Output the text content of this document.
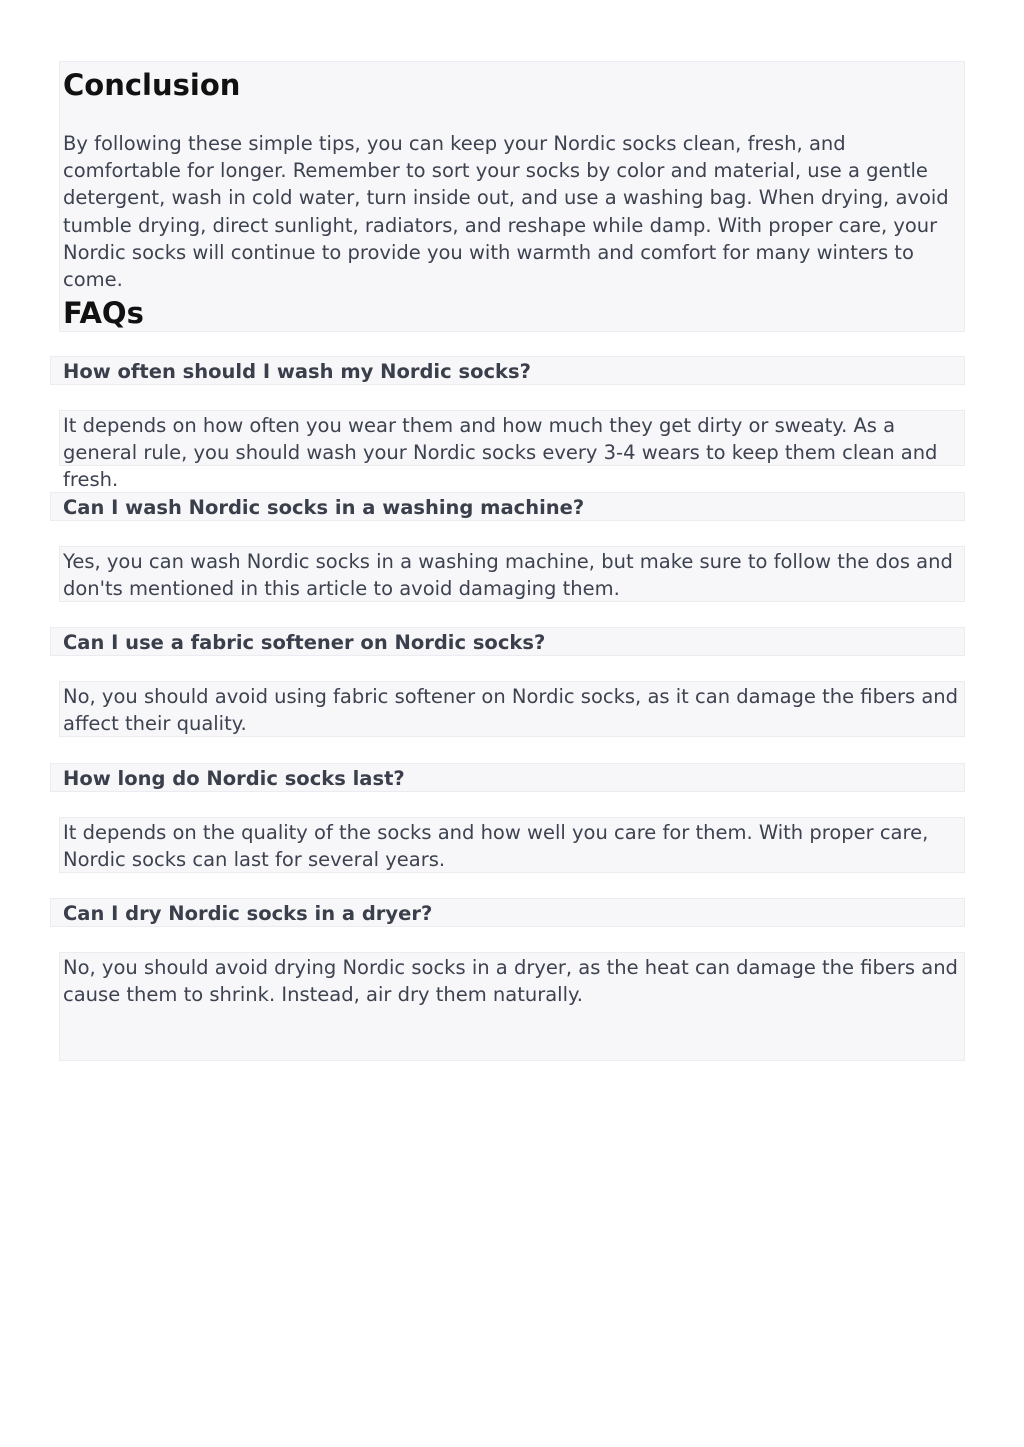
Conclusion

By following these simple tips, you can keep your Nordic socks clean, fresh, and comfortable for longer. Remember to sort your socks by color and material, use a gentle detergent, wash in cold water, turn inside out, and use a washing bag. When drying, avoid tumble drying, direct sunlight, radiators, and reshape while damp. With proper care, your Nordic socks will continue to provide you with warmth and comfort for many winters to come.

FAQs

How often should I wash my Nordic socks?

It depends on how often you wear them and how much they get dirty or sweaty. As a general rule, you should wash your Nordic socks every 3-4 wears to keep them clean and fresh.

Can I wash Nordic socks in a washing machine?

Yes, you can wash Nordic socks in a washing machine, but make sure to follow the dos and don'ts mentioned in this article to avoid damaging them.

Can I use a fabric softener on Nordic socks?

No, you should avoid using fabric softener on Nordic socks, as it can damage the fibers and affect their quality.

How long do Nordic socks last?

It depends on the quality of the socks and how well you care for them. With proper care, Nordic socks can last for several years.

Can I dry Nordic socks in a dryer?

No, you should avoid drying Nordic socks in a dryer, as the heat can damage the fibers and cause them to shrink. Instead, air dry them naturally.
